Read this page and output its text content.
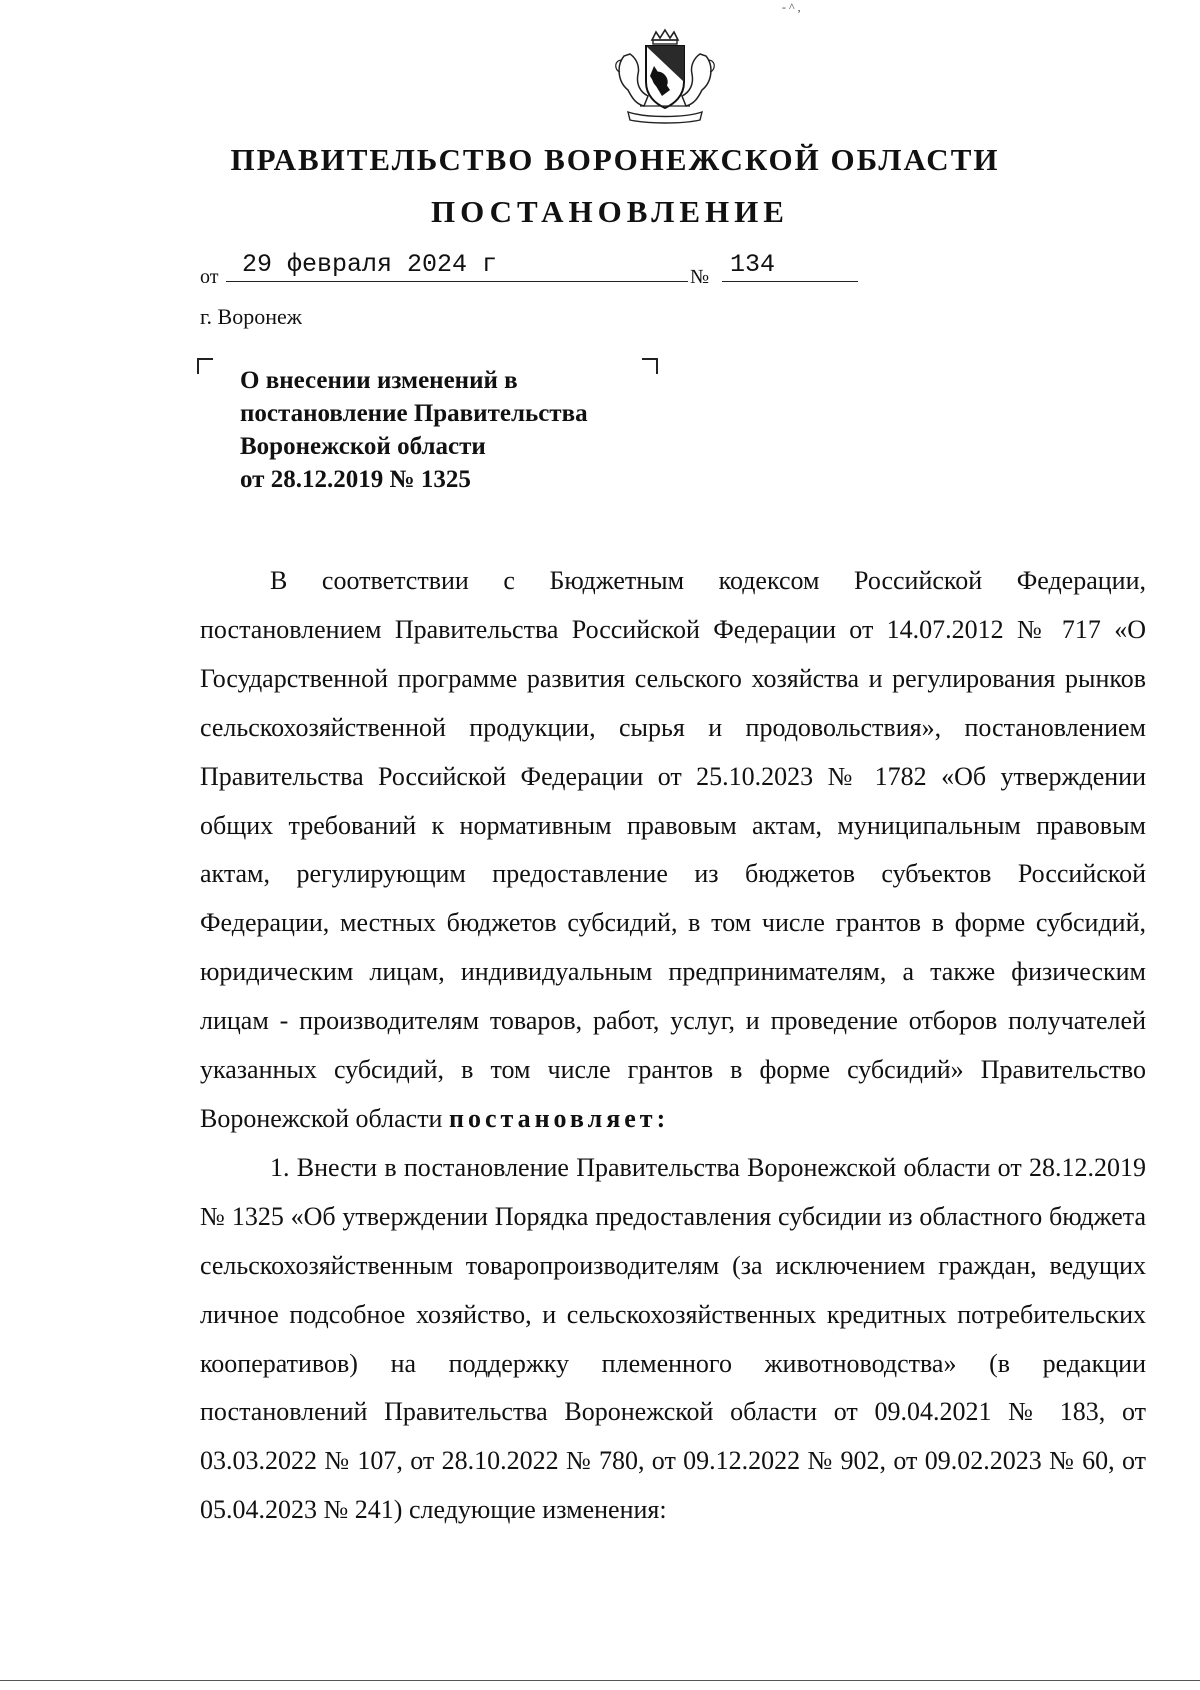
- ^ ,
ПРАВИТЕЛЬСТВО ВОРОНЕЖСКОЙ ОБЛАСТИ
ПОСТАНОВЛЕНИЕ
от 29 февраля 2024 г	№ 134
г. Воронеж
О внесении изменений в
постановление Правительства
Воронежской области
от 28.12.2019 № 1325

В соответствии с Бюджетным кодексом Российской Федерации, постановлением Правительства Российской Федерации от 14.07.2012 № 717 «О Государственной программе развития сельского хозяйства и регулирования рынков сельскохозяйственной продукции, сырья и продовольствия», постановлением Правительства Российской Федерации от 25.10.2023 № 1782 «Об утверждении общих требований к нормативным правовым актам, муниципальным правовым актам, регулирующим предоставление из бюджетов субъектов Российской Федерации, местных бюджетов субсидий, в том числе грантов в форме субсидий, юридическим лицам, индивидуальным предпринимателям, а также физическим лицам - производителям товаров, работ, услуг, и проведение отборов получателей указанных субсидий, в том числе грантов в форме субсидий» Правительство Воронежской области постановляет:

1. Внести в постановление Правительства Воронежской области от 28.12.2019 № 1325 «Об утверждении Порядка предоставления субсидии из областного бюджета сельскохозяйственным товаропроизводителям (за исключением граждан, ведущих личное подсобное хозяйство, и сельскохозяйственных кредитных потребительских кооперативов) на поддержку племенного животноводства» (в редакции постановлений Правительства Воронежской области от 09.04.2021 № 183, от 03.03.2022 № 107, от 28.10.2022 № 780, от 09.12.2022 № 902, от 09.02.2023 № 60, от 05.04.2023 № 241) следующие изменения:
